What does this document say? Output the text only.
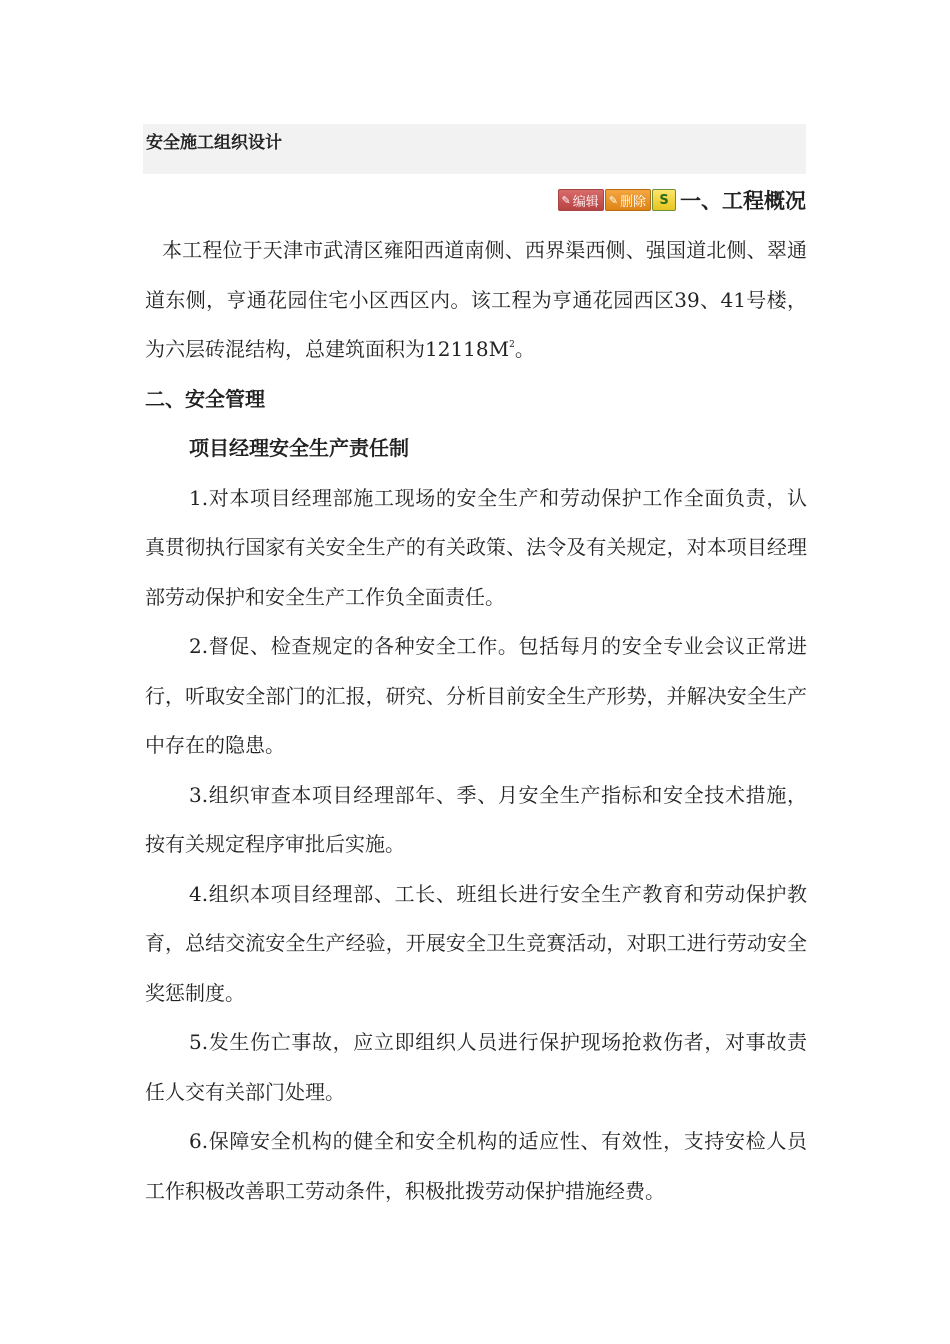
安全施工组织设计
✎ 编辑 ✎ 删除 S 一、工程概况

本工程位于天津市武清区雍阳西道南侧、西界渠西侧、强国道北侧、翠通道东侧，亨通花园住宅小区西区内。该工程为亨通花园西区39、41号楼，为六层砖混结构，总建筑面积为$12118M^2$。

二、安全管理

项目经理安全生产责任制

1.对本项目经理部施工现场的安全生产和劳动保护工作全面负责，认真贯彻执行国家有关安全生产的有关政策、法令及有关规定，对本项目经理部劳动保护和安全生产工作负全面责任。

2.督促、检查规定的各种安全工作。包括每月的安全专业会议正常进行，听取安全部门的汇报，研究、分析目前安全生产形势，并解决安全生产中存在的隐患。

3.组织审查本项目经理部年、季、月安全生产指标和安全技术措施，按有关规定程序审批后实施。

4.组织本项目经理部、工长、班组长进行安全生产教育和劳动保护教育，总结交流安全生产经验，开展安全卫生竞赛活动，对职工进行劳动安全奖惩制度。

5.发生伤亡事故，应立即组织人员进行保护现场抢救伤者，对事故责任人交有关部门处理。

6.保障安全机构的健全和安全机构的适应性、有效性，支持安检人员工作积极改善职工劳动条件，积极批拨劳动保护措施经费。
